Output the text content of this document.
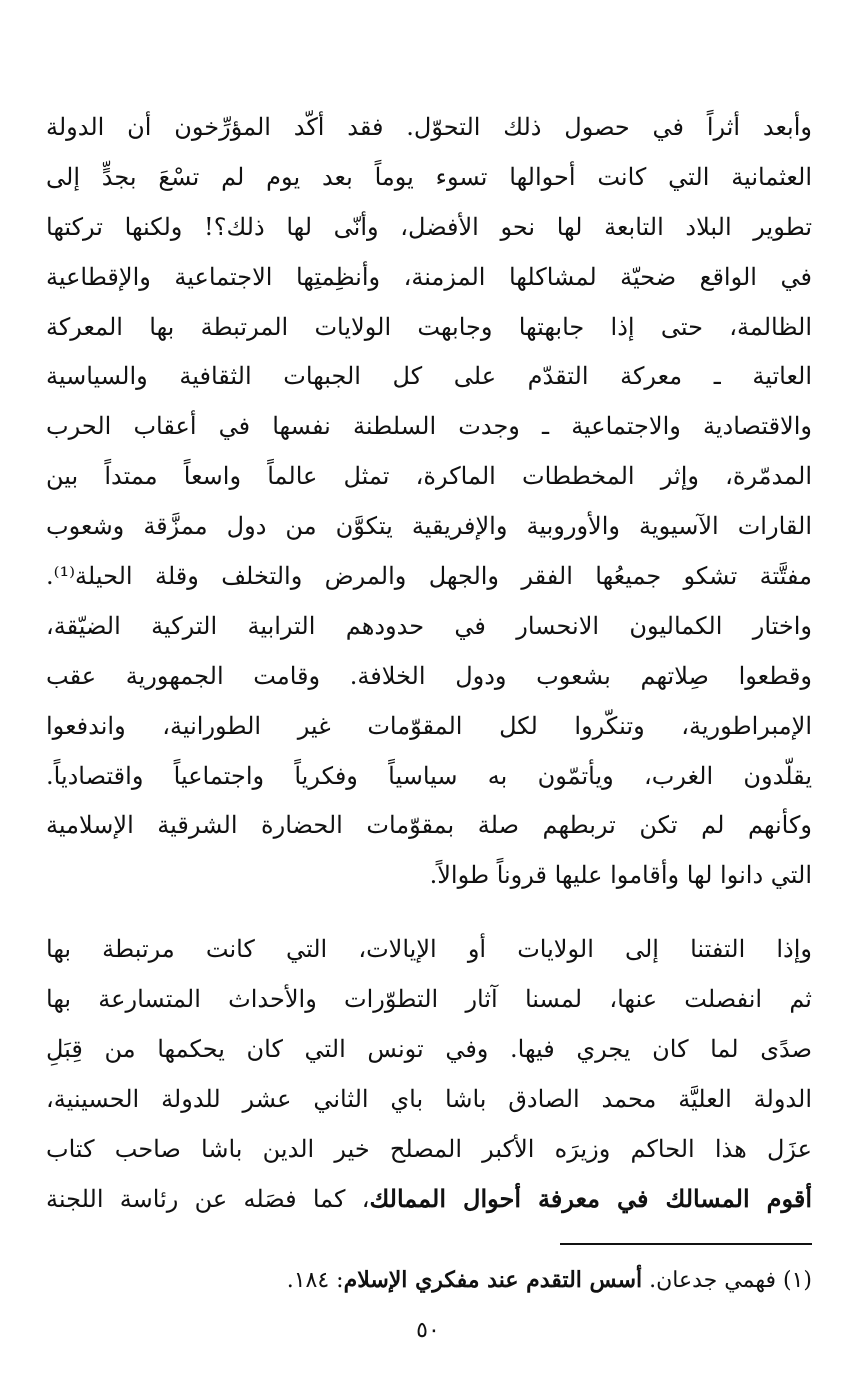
وأبعد أثراً في حصول ذلك التحوّل. فقد أكّد المؤرِّخون أن الدولة
العثمانية التي كانت أحوالها تسوء يوماً بعد يوم لم تسْعَ بجدٍّ إلى
تطوير البلاد التابعة لها نحو الأفضل، وأنّى لها ذلك؟! ولكنها تركتها
في الواقع ضحيّة لمشاكلها المزمنة، وأنظِمتِها الاجتماعية والإقطاعية
الظالمة، حتى إذا جابهتها وجابهت الولايات المرتبطة بها المعركة
العاتية ـ معركة التقدّم على كل الجبهات الثقافية والسياسية
والاقتصادية والاجتماعية ـ وجدت السلطنة نفسها في أعقاب الحرب
المدمّرة، وإثر المخططات الماكرة، تمثل عالماً واسعاً ممتداً بين
القارات الآسيوية والأوروبية والإفريقية يتكوَّن من دول ممزَّقة وشعوب
مفتَّتة تشكو جميعُها الفقر والجهل والمرض والتخلف وقلة الحيلة⁽¹⁾.
واختار الكماليون الانحسار في حدودهم الترابية التركية الضيّقة،
وقطعوا صِلاتهم بشعوب ودول الخلافة. وقامت الجمهورية عقب
الإمبراطورية، وتنكّروا لكل المقوّمات غير الطورانية، واندفعوا
يقلّدون الغرب، ويأتمّون به سياسياً وفكرياً واجتماعياً واقتصادياً.
وكأنهم لم تكن تربطهم صلة بمقوّمات الحضارة الشرقية الإسلامية
التي دانوا لها وأقاموا عليها قروناً طوالاً.
وإذا التفتنا إلى الولايات أو الإيالات، التي كانت مرتبطة بها
ثم انفصلت عنها، لمسنا آثار التطوّرات والأحداث المتسارعة بها
صدًى لما كان يجري فيها. وفي تونس التي كان يحكمها من قِبَلِ
الدولة العليَّة محمد الصادق باشا باي الثاني عشر للدولة الحسينية،
عزَل هذا الحاكم وزيرَه الأكبر المصلح خير الدين باشا صاحب كتاب
أقوم المسالك في معرفة أحوال الممالك، كما فصَله عن رئاسة اللجنة
(١) فهمي جدعان. أسس التقدم عند مفكري الإسلام: ١٨٤.
٥٠
